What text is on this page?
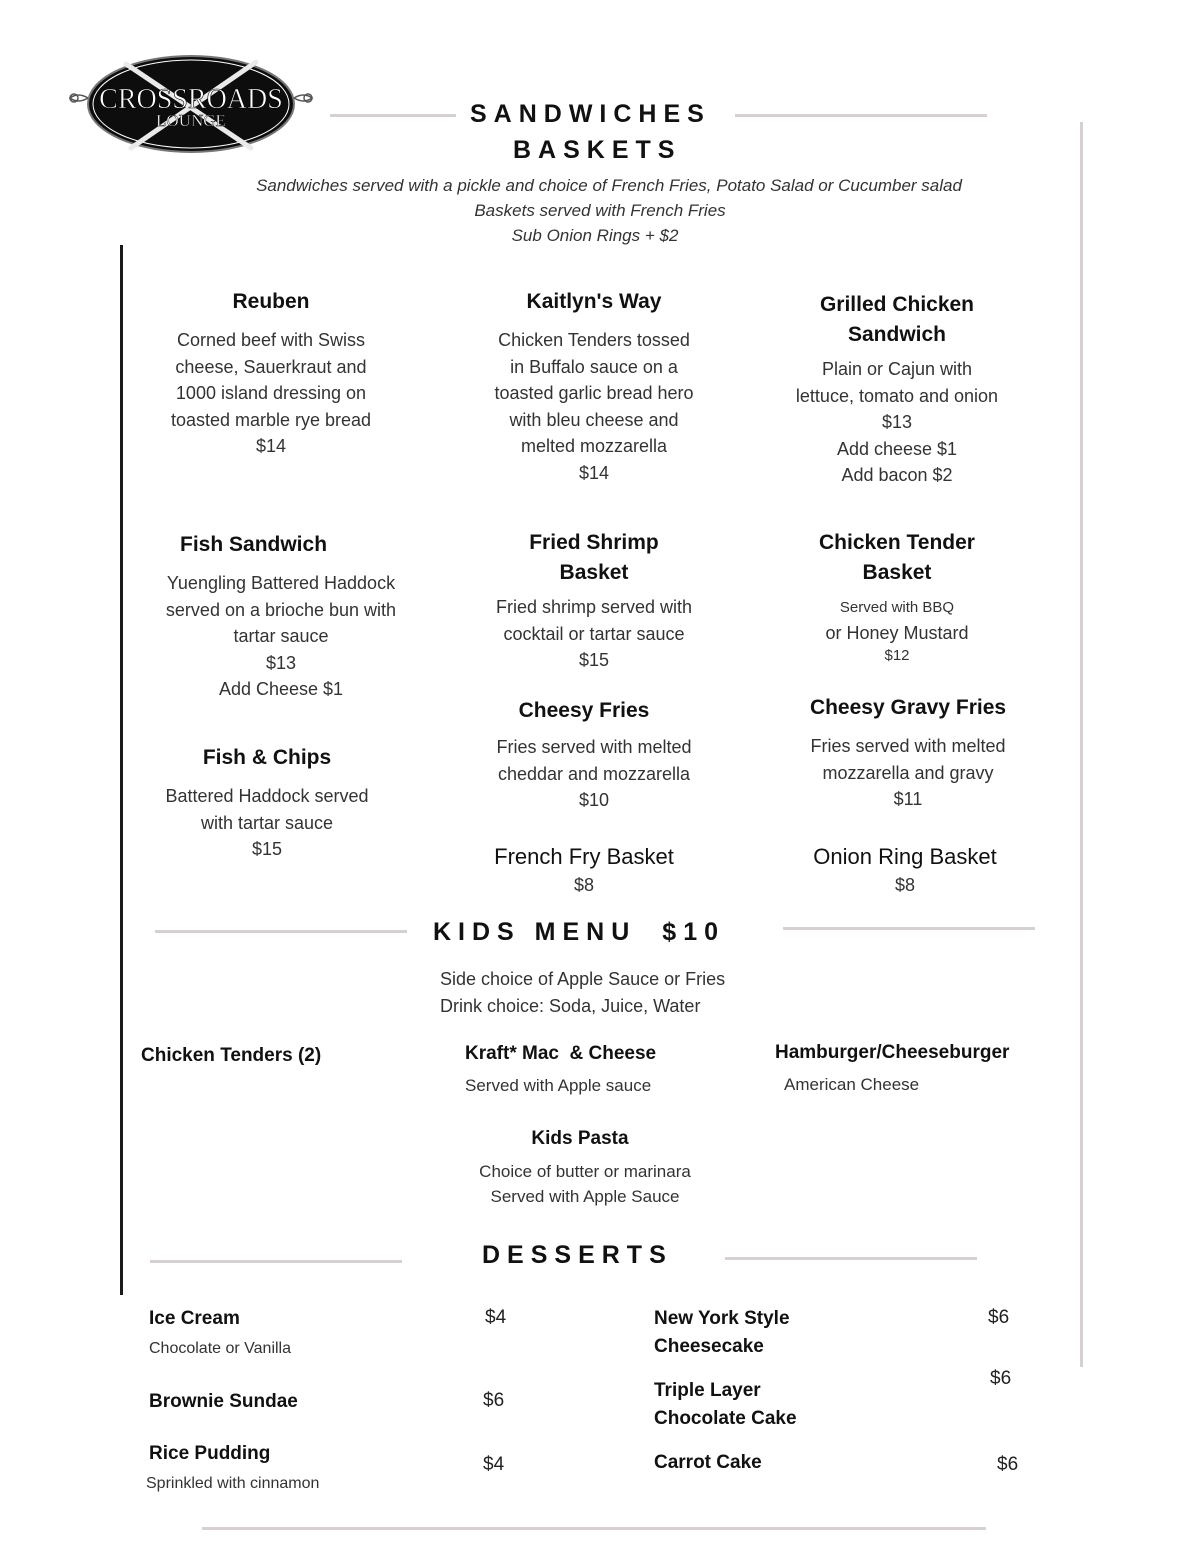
CROSSROADS
LOUNGE	SANDWICHES
BASKETS
Sandwiches served with a pickle and choice of French Fries, Potato Salad or Cucumber salad
Baskets served with French Fries
Sub Onion Rings + $2
Reuben
Corned beef with Swiss
cheese, Sauerkraut and
1000 island dressing on
toasted marble rye bread
$14
Kaitlyn's Way
Chicken Tenders tossed
in Buffalo sauce on a
toasted garlic bread hero
with bleu cheese and
melted mozzarella
$14
Grilled Chicken
Sandwich
Plain or Cajun with
lettuce, tomato and onion
$13
Add cheese $1
Add bacon $2
Fish Sandwich
Yuengling Battered Haddock
served on a brioche bun with
tartar sauce
$13
Add Cheese $1
Fried Shrimp
Basket
Fried shrimp served with
cocktail or tartar sauce
$15
Chicken Tender
Basket
Served with BBQ
or Honey Mustard
$12
Fish & Chips
Battered Haddock served
with tartar sauce
$15
Cheesy Fries
Fries served with melted
cheddar and mozzarella
$10
Cheesy Gravy Fries
Fries served with melted
mozzarella and gravy
$11
French Fry Basket
$8
Onion Ring Basket
$8
KIDS MENU $10
Side choice of Apple Sauce or Fries
Drink choice: Soda, Juice, Water
Chicken Tenders (2)	Kraft* Mac  & Cheese
Served with Apple sauce
Hamburger/Cheeseburger
American Cheese
Kids Pasta
Choice of butter or marinara
Served with Apple Sauce
DESSERTS
Ice Cream
Chocolate or Vanilla
$4
Brownie Sundae	$6
Rice Pudding
Sprinkled with cinnamon
$4
New York Style
Cheesecake
$6
Triple Layer
Chocolate Cake
$6
Carrot Cake	$6
